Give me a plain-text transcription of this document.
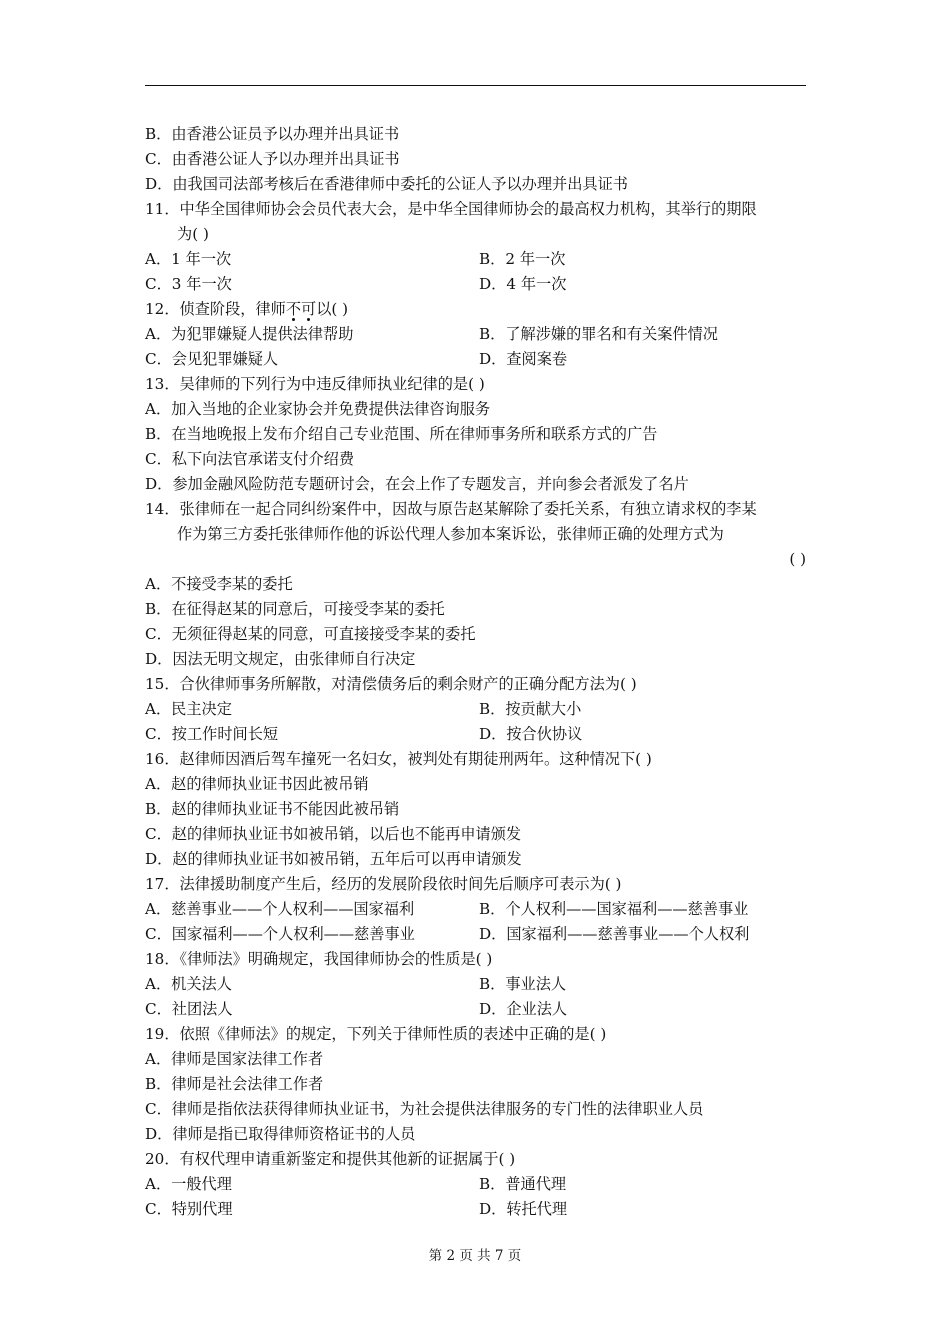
B．由香港公证员予以办理并出具证书
C．由香港公证人予以办理并出具证书
D．由我国司法部考核后在香港律师中委托的公证人予以办理并出具证书
11．中华全国律师协会会员代表大会，是中华全国律师协会的最高权力机构，其举行的期限
为( )
A．1 年一次	B．2 年一次
C．3 年一次	D．4 年一次
12．侦查阶段，律师不可以( )
A．为犯罪嫌疑人提供法律帮助	B．了解涉嫌的罪名和有关案件情况
C．会见犯罪嫌疑人	D．查阅案卷
13．吴律师的下列行为中违反律师执业纪律的是( )
A．加入当地的企业家协会并免费提供法律咨询服务
B．在当地晚报上发布介绍自己专业范围、所在律师事务所和联系方式的广告
C．私下向法官承诺支付介绍费
D．参加金融风险防范专题研讨会，在会上作了专题发言，并向参会者派发了名片
14．张律师在一起合同纠纷案件中，因故与原告赵某解除了委托关系，有独立请求权的李某
作为第三方委托张律师作他的诉讼代理人参加本案诉讼，张律师正确的处理方式为
( )
A．不接受李某的委托
B．在征得赵某的同意后，可接受李某的委托
C．无须征得赵某的同意，可直接接受李某的委托
D．因法无明文规定，由张律师自行决定
15．合伙律师事务所解散，对清偿债务后的剩余财产的正确分配方法为( )
A．民主决定	B．按贡献大小
C．按工作时间长短	D．按合伙协议
16．赵律师因酒后驾车撞死一名妇女，被判处有期徒刑两年。这种情况下( )
A．赵的律师执业证书因此被吊销
B．赵的律师执业证书不能因此被吊销
C．赵的律师执业证书如被吊销，以后也不能再申请颁发
D．赵的律师执业证书如被吊销，五年后可以再申请颁发
17．法律援助制度产生后，经历的发展阶段依时间先后顺序可表示为( )
A．慈善事业——个人权利——国家福利	B．个人权利——国家福利——慈善事业
C．国家福利——个人权利——慈善事业	D．国家福利——慈善事业——个人权利
18．《律师法》明确规定，我国律师协会的性质是( )
A．机关法人	B．事业法人
C．社团法人	D．企业法人
19．依照《律师法》的规定，下列关于律师性质的表述中正确的是( )
A．律师是国家法律工作者
B．律师是社会法律工作者
C．律师是指依法获得律师执业证书，为社会提供法律服务的专门性的法律职业人员
D．律师是指已取得律师资格证书的人员
20．有权代理申请重新鉴定和提供其他新的证据属于( )
A．一般代理	B．普通代理
C．特别代理	D．转托代理
第 2 页 共 7 页
